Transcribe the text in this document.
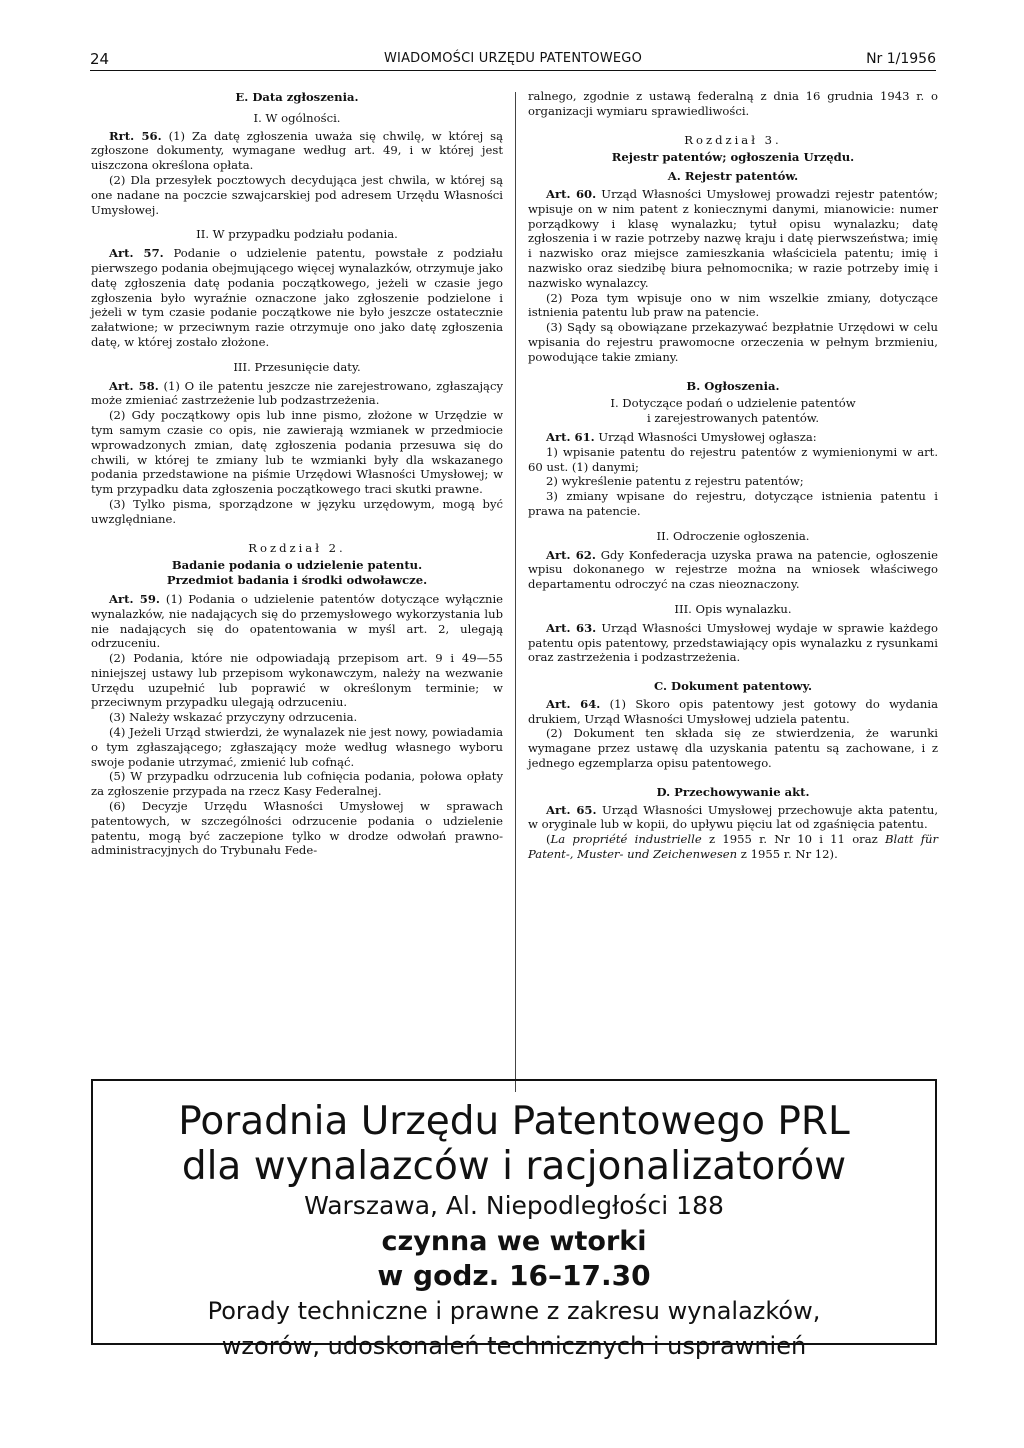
24	WIADOMOŚCI URZĘDU PATENTOWEGO	Nr 1/1956

E. Data zgłoszenia.

I. W ogólności.

Rrt. 56. (1) Za datę zgłoszenia uważa się chwilę, w której są zgłoszone dokumenty, wymagane według art. 49, i w której jest uiszczona określona opłata.

(2) Dla przesyłek pocztowych decydująca jest chwila, w której są one nadane na poczcie szwajcarskiej pod adresem Urzędu Własności Umysłowej.

II. W przypadku podziału podania.

Art. 57. Podanie o udzielenie patentu, powstałe z podziału pierwszego podania obejmującego więcej wynalazków, otrzymuje jako datę zgłoszenia datę podania początkowego, jeżeli w czasie jego zgłoszenia było wyraźnie oznaczone jako zgłoszenie podzielone i jeżeli w tym czasie podanie początkowe nie było jeszcze ostatecznie załatwione; w przeciwnym razie otrzymuje ono jako datę zgłoszenia datę, w której zostało złożone.

III. Przesunięcie daty.

Art. 58. (1) O ile patentu jeszcze nie zarejestrowano, zgłaszający może zmieniać zastrzeżenie lub podzastrzeżenia.

(2) Gdy początkowy opis lub inne pismo, złożone w Urzędzie w tym samym czasie co opis, nie zawierają wzmianek w przedmiocie wprowadzonych zmian, datę zgłoszenia podania przesuwa się do chwili, w której te zmiany lub te wzmianki były dla wskazanego podania przedstawione na piśmie Urzędowi Własności Umysłowej; w tym przypadku data zgłoszenia początkowego traci skutki prawne.

(3) Tylko pisma, sporządzone w języku urzędowym, mogą być uwzględniane.

Rozdział 2.

Badanie podania o udzielenie patentu.

Przedmiot badania i środki odwoławcze.

Art. 59. (1) Podania o udzielenie patentów dotyczące wyłącznie wynalazków, nie nadających się do przemysłowego wykorzystania lub nie nadających się do opatentowania w myśl art. 2, ulegają odrzuceniu.

(2) Podania, które nie odpowiadają przepisom art. 9 i 49—55 niniejszej ustawy lub przepisom wykonawczym, należy na wezwanie Urzędu uzupełnić lub poprawić w określonym terminie; w przeciwnym przypadku ulegają odrzuceniu.

(3) Należy wskazać przyczyny odrzucenia.

(4) Jeżeli Urząd stwierdzi, że wynalazek nie jest nowy, powiadamia o tym zgłaszającego; zgłaszający może według własnego wyboru swoje podanie utrzymać, zmienić lub cofnąć.

(5) W przypadku odrzucenia lub cofnięcia podania, połowa opłaty za zgłoszenie przypada na rzecz Kasy Federalnej.

(6) Decyzje Urzędu Własności Umysłowej w sprawach patentowych, w szczególności odrzucenie podania o udzielenie patentu, mogą być zaczepione tylko w drodze odwołań prawno-administracyjnych do Trybunału Fede-

ralnego, zgodnie z ustawą federalną z dnia 16 grudnia 1943 r. o organizacji wymiaru sprawiedliwości.

Rozdział 3.

Rejestr patentów; ogłoszenia Urzędu.

A. Rejestr patentów.

Art. 60. Urząd Własności Umysłowej prowadzi rejestr patentów; wpisuje on w nim patent z koniecznymi danymi, mianowicie: numer porządkowy i klasę wynalazku; tytuł opisu wynalazku; datę zgłoszenia i w razie potrzeby nazwę kraju i datę pierwszeństwa; imię i nazwisko oraz miejsce zamieszkania właściciela patentu; imię i nazwisko oraz siedzibę biura pełnomocnika; w razie potrzeby imię i nazwisko wynalazcy.

(2) Poza tym wpisuje ono w nim wszelkie zmiany, dotyczące istnienia patentu lub praw na patencie.

(3) Sądy są obowiązane przekazywać bezpłatnie Urzędowi w celu wpisania do rejestru prawomocne orzeczenia w pełnym brzmieniu, powodujące takie zmiany.

B. Ogłoszenia.

I. Dotyczące podań o udzielenie patentów

i zarejestrowanych patentów.

Art. 61. Urząd Własności Umysłowej ogłasza:

1) wpisanie patentu do rejestru patentów z wymienionymi w art. 60 ust. (1) danymi;

2) wykreślenie patentu z rejestru patentów;

3) zmiany wpisane do rejestru, dotyczące istnienia patentu i prawa na patencie.

II. Odroczenie ogłoszenia.

Art. 62. Gdy Konfederacja uzyska prawa na patencie, ogłoszenie wpisu dokonanego w rejestrze można na wniosek właściwego departamentu odroczyć na czas nieoznaczony.

III. Opis wynalazku.

Art. 63. Urząd Własności Umysłowej wydaje w sprawie każdego patentu opis patentowy, przedstawiający opis wynalazku z rysunkami oraz zastrzeżenia i podzastrzeżenia.

C. Dokument patentowy.

Art. 64. (1) Skoro opis patentowy jest gotowy do wydania drukiem, Urząd Własności Umysłowej udziela patentu.

(2) Dokument ten składa się ze stwierdzenia, że warunki wymagane przez ustawę dla uzyskania patentu są zachowane, i z jednego egzemplarza opisu patentowego.

D. Przechowywanie akt.

Art. 65. Urząd Własności Umysłowej przechowuje akta patentu, w oryginale lub w kopii, do upływu pięciu lat od zgaśnięcia patentu.

(La propriété industrielle z 1955 r. Nr 10 i 11 oraz Blatt für Patent-, Muster- und Zeichenwesen z 1955 r. Nr 12).

Poradnia Urzędu Patentowego PRL
dla wynalazców i racjonalizatorów
Warszawa, Al. Niepodległości 188
czynna we wtorki
w godz. 16–17.30
Porady techniczne i prawne z zakresu wynalazków,
wzorów, udoskonaleń technicznych i usprawnień
